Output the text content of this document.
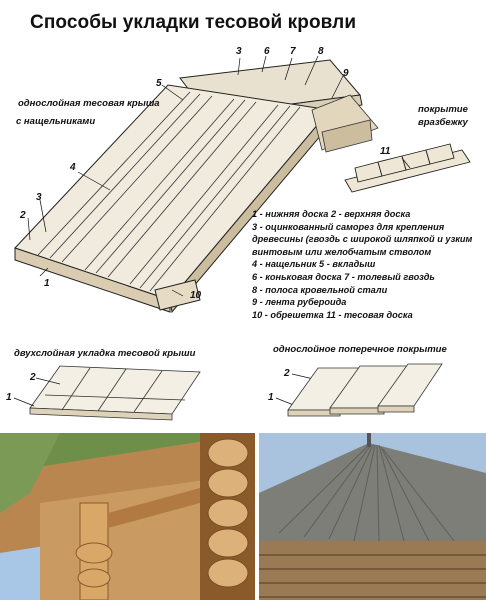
Способы укладки тесовой кровли
однослойная тесовая крыша
с нащельниками
покрытие
вразбежку
двухслойная укладка тесовой крыши	однослойное поперечное покрытие
3 6 7 8
9
5
4
3
2
1
10
11
1
2
1
2
1 - нижняя доска 2 - верхняя доска
3 - оцинкованный саморез для крепления
древесины (гвоздь с широкой шляпкой и узким
винтовым или желобчатым стволом
4 - нащельник 5 - вкладыш
6 - коньковая доска 7 - толевый гвоздь
8 - полоса кровельной стали
9 - лента рубероида
10 - обрешетка 11 - тесовая доска
